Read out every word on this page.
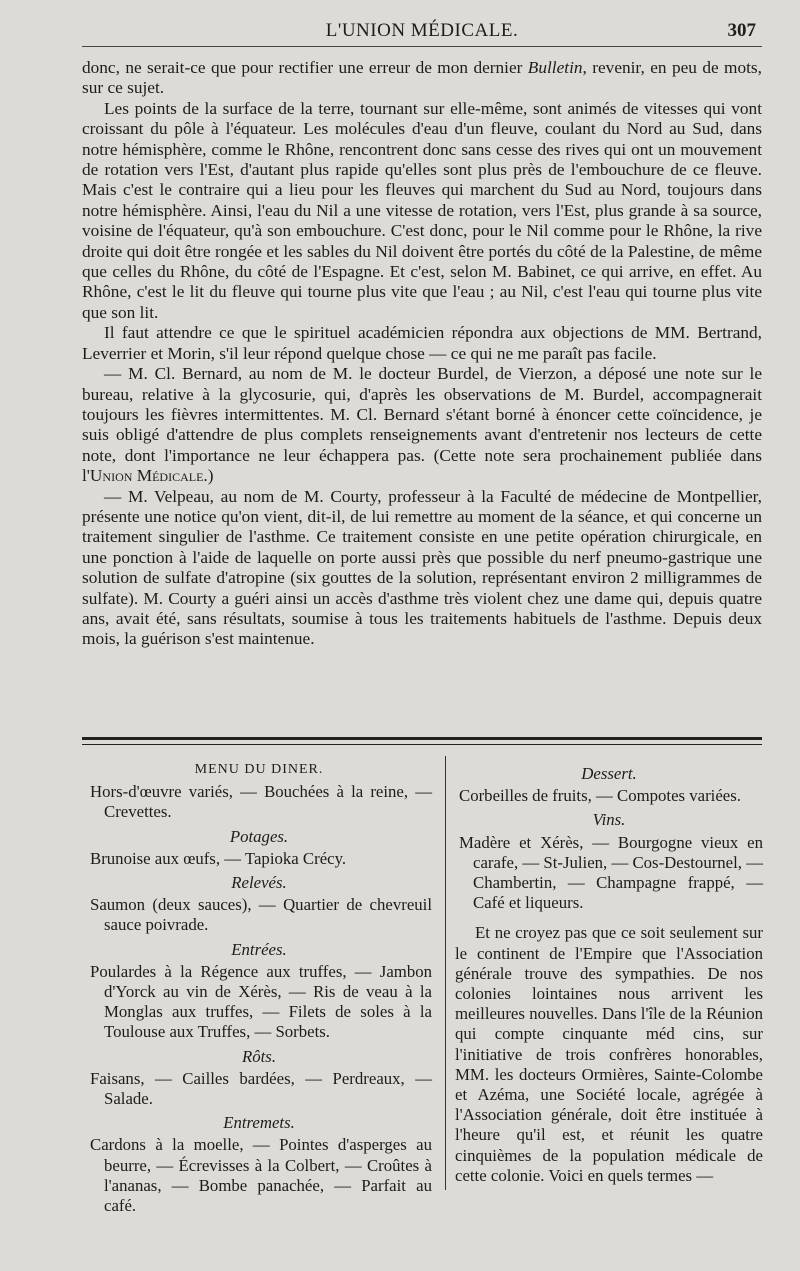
L'UNION MÉDICALE.	307

donc, ne serait-ce que pour rectifier une erreur de mon dernier Bulletin, revenir, en peu de mots, sur ce sujet.

Les points de la surface de la terre, tournant sur elle-même, sont animés de vitesses qui vont croissant du pôle à l'équateur. Les molécules d'eau d'un fleuve, coulant du Nord au Sud, dans notre hémisphère, comme le Rhône, rencontrent donc sans cesse des rives qui ont un mouvement de rotation vers l'Est, d'autant plus rapide qu'elles sont plus près de l'embouchure de ce fleuve. Mais c'est le contraire qui a lieu pour les fleuves qui marchent du Sud au Nord, toujours dans notre hémisphère. Ainsi, l'eau du Nil a une vitesse de rotation, vers l'Est, plus grande à sa source, voisine de l'équateur, qu'à son embouchure. C'est donc, pour le Nil comme pour le Rhône, la rive droite qui doit être rongée et les sables du Nil doivent être portés du côté de la Palestine, de même que celles du Rhône, du côté de l'Espagne. Et c'est, selon M. Babinet, ce qui arrive, en effet. Au Rhône, c'est le lit du fleuve qui tourne plus vite que l'eau ; au Nil, c'est l'eau qui tourne plus vite que son lit.

Il faut attendre ce que le spirituel académicien répondra aux objections de MM. Bertrand, Leverrier et Morin, s'il leur répond quelque chose — ce qui ne me paraît pas facile.

— M. Cl. Bernard, au nom de M. le docteur Burdel, de Vierzon, a déposé une note sur le bureau, relative à la glycosurie, qui, d'après les observations de M. Burdel, accompagnerait toujours les fièvres intermittentes. M. Cl. Bernard s'étant borné à énoncer cette coïncidence, je suis obligé d'attendre de plus complets renseignements avant d'entretenir nos lecteurs de cette note, dont l'importance ne leur échappera pas. (Cette note sera prochainement publiée dans l'Union Médicale.)

— M. Velpeau, au nom de M. Courty, professeur à la Faculté de médecine de Montpellier, présente une notice qu'on vient, dit-il, de lui remettre au moment de la séance, et qui concerne un traitement singulier de l'asthme. Ce traitement consiste en une petite opération chirurgicale, en une ponction à l'aide de laquelle on porte aussi près que possible du nerf pneumo-gastrique une solution de sulfate d'atropine (six gouttes de la solution, représentant environ 2 milligrammes de sulfate). M. Courty a guéri ainsi un accès d'asthme très violent chez une dame qui, depuis quatre ans, avait été, sans résultats, soumise à tous les traitements habituels de l'asthme. Depuis deux mois, la guérison s'est maintenue.

MENU DU DINER.

Hors-d'œuvre variés, — Bouchées à la reine, — Crevettes.

Potages.

Brunoise aux œufs, — Tapioka Crécy.

Relevés.

Saumon (deux sauces), — Quartier de chevreuil sauce poivrade.

Entrées.

Poulardes à la Régence aux truffes, — Jambon d'Yorck au vin de Xérès, — Ris de veau à la Monglas aux truffes, — Filets de soles à la Toulouse aux Truffes, — Sorbets.

Rôts.

Faisans, — Cailles bardées, — Perdreaux, — Salade.

Entremets.

Cardons à la moelle, — Pointes d'asperges au beurre, — Écrevisses à la Colbert, — Croûtes à l'ananas, — Bombe panachée, — Parfait au café.

Dessert.

Corbeilles de fruits, — Compotes variées.

Vins.

Madère et Xérès, — Bourgogne vieux en carafe, — St-Julien, — Cos-Destournel, — Chambertin, — Champagne frappé, — Café et liqueurs.

Et ne croyez pas que ce soit seulement sur le continent de l'Empire que l'Association générale trouve des sympathies. De nos colonies lointaines nous arrivent les meilleures nouvelles. Dans l'île de la Réunion qui compte cinquante méd cins, sur l'initiative de trois confrères honorables, MM. les docteurs Ormières, Sainte-Colombe et Azéma, une Société locale, agrégée à l'Association générale, doit être instituée à l'heure qu'il est, et réunit les quatre cinquièmes de la population médicale de cette colonie. Voici en quels termes —
